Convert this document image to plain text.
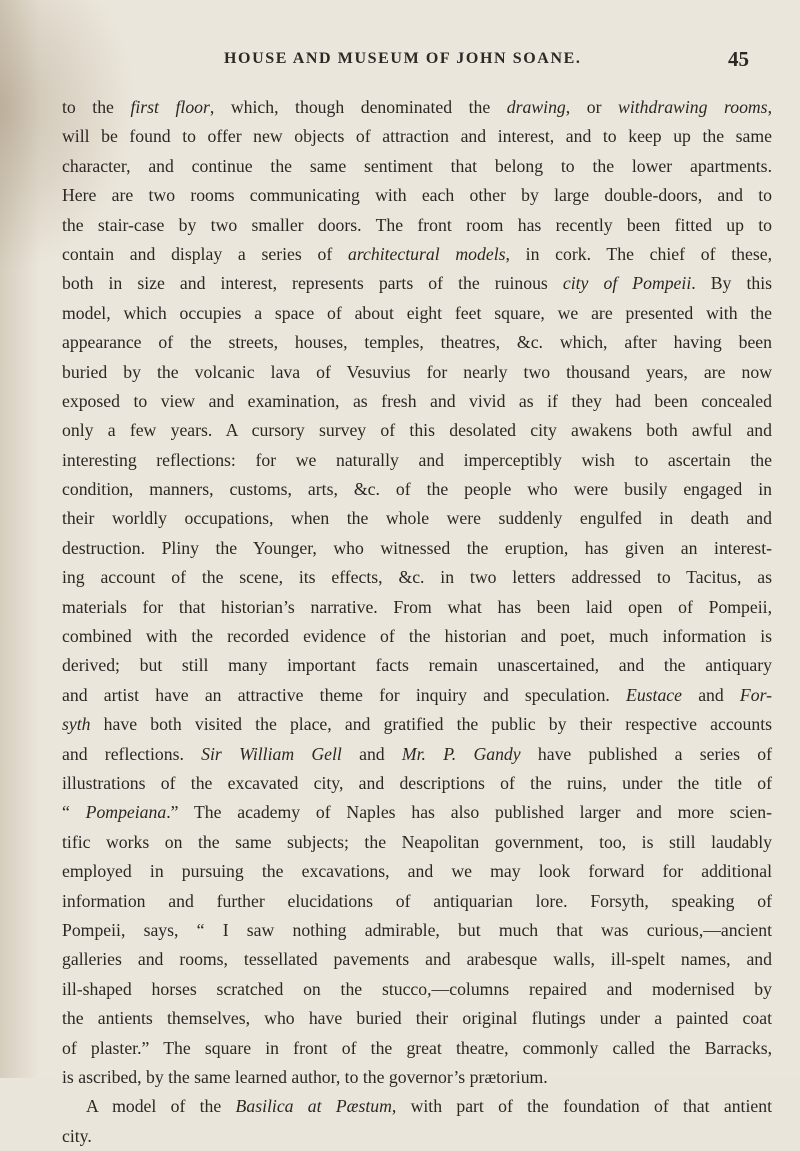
HOUSE AND MUSEUM OF JOHN SOANE.	45
to the first floor, which, though denominated the drawing, or withdrawing rooms,
will be found to offer new objects of attraction and interest, and to keep up the same
character, and continue the same sentiment that belong to the lower apartments.
Here are two rooms communicating with each other by large double-doors, and to
the stair-case by two smaller doors. The front room has recently been fitted up to
contain and display a series of architectural models, in cork. The chief of these,
both in size and interest, represents parts of the ruinous city of Pompeii. By this
model, which occupies a space of about eight feet square, we are presented with the
appearance of the streets, houses, temples, theatres, &c. which, after having been
buried by the volcanic lava of Vesuvius for nearly two thousand years, are now
exposed to view and examination, as fresh and vivid as if they had been concealed
only a few years. A cursory survey of this desolated city awakens both awful and
interesting reflections: for we naturally and imperceptibly wish to ascertain the
condition, manners, customs, arts, &c. of the people who were busily engaged in
their worldly occupations, when the whole were suddenly engulfed in death and
destruction. Pliny the Younger, who witnessed the eruption, has given an interest-
ing account of the scene, its effects, &c. in two letters addressed to Tacitus, as
materials for that historian’s narrative. From what has been laid open of Pompeii,
combined with the recorded evidence of the historian and poet, much information is
derived; but still many important facts remain unascertained, and the antiquary
and artist have an attractive theme for inquiry and speculation. Eustace and For-
syth have both visited the place, and gratified the public by their respective accounts
and reflections. Sir William Gell and Mr. P. Gandy have published a series of
illustrations of the excavated city, and descriptions of the ruins, under the title of
“ Pompeiana.” The academy of Naples has also published larger and more scien-
tific works on the same subjects; the Neapolitan government, too, is still laudably
employed in pursuing the excavations, and we may look forward for additional
information and further elucidations of antiquarian lore. Forsyth, speaking of
Pompeii, says, “ I saw nothing admirable, but much that was curious,—ancient
galleries and rooms, tessellated pavements and arabesque walls, ill-spelt names, and
ill-shaped horses scratched on the stucco,—columns repaired and modernised by
the antients themselves, who have buried their original flutings under a painted coat
of plaster.” The square in front of the great theatre, commonly called the Barracks,
is ascribed, by the same learned author, to the governor’s prætorium.
A model of the Basilica at Pæstum, with part of the foundation of that antient
city.
